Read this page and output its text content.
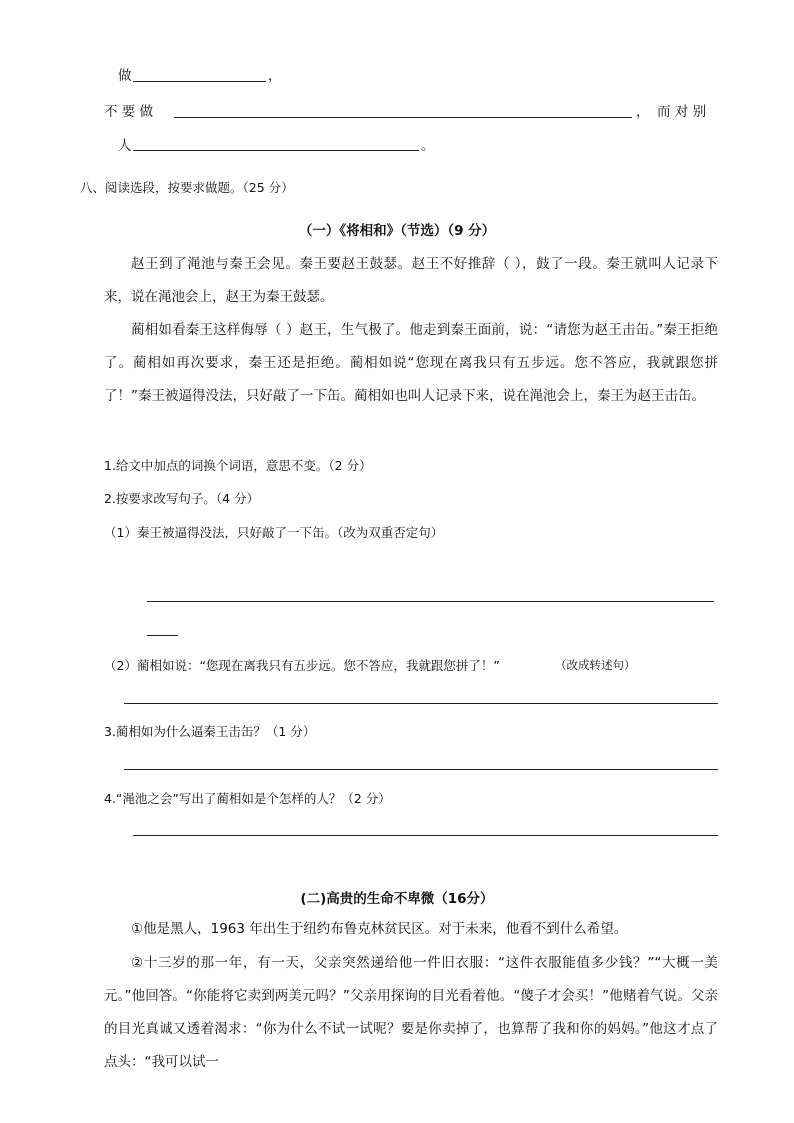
做	，
不 要 做	， 而 对 别
人	。
八、阅读选段，按要求做题。（25 分）
（一）《将相和》（节选）（9 分）
赵王到了渑池与秦王会见。秦王要赵王鼓瑟。赵王不好推辞（ ），鼓了一段。秦王就叫人记录下来，说在渑池会上，赵王为秦王鼓瑟。
蔺相如看秦王这样侮辱（ ）赵王，生气极了。他走到秦王面前，说：“请您为赵王击缶。”秦王拒绝了。蔺相如再次要求，秦王还是拒绝。蔺相如说“您现在离我只有五步远。您不答应，我就跟您拼了！”秦王被逼得没法，只好敲了一下缶。蔺相如也叫人记录下来，说在渑池会上，秦王为赵王击缶。
1.给文中加点的词换个词语，意思不变。（2 分）
2.按要求改写句子。（4 分）
（1）秦王被逼得没法，只好敲了一下缶。（改为双重否定句）
（2）蔺相如说：“您现在离我只有五步远。您不答应，我就跟您拼了！”	（改成转述句）
3.蔺相如为什么逼秦王击缶？（1 分）
4.“渑池之会”写出了蔺相如是个怎样的人？（2 分）
(二)高贵的生命不卑微（16分）
①他是黑人，1963 年出生于纽约布鲁克林贫民区。对于未来，他看不到什么希望。
②十三岁的那一年，有一天，父亲突然递给他一件旧衣服：“这件衣服能值多少钱？”“大概一美元。”他回答。“你能将它卖到两美元吗？”父亲用探询的目光看着他。“傻子才会买！”他赌着气说。父亲的目光真诚又透着渴求：“你为什么不试一试呢？要是你卖掉了，也算帮了我和你的妈妈。”他这才点了点头：“我可以试一
